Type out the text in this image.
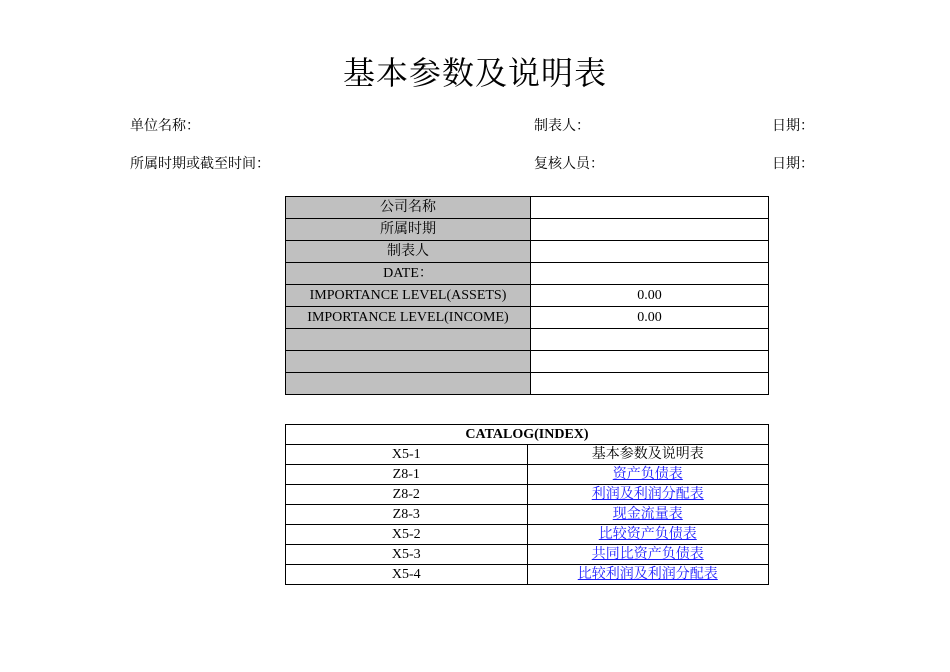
基本参数及说明表
单位名称：	制表人：	日期：
所属时期或截至时间：	复核人员：	日期：
公司名称	
所属时期	
制表人	
DATE：	
IMPORTANCE LEVEL(ASSETS)	0.00
IMPORTANCE LEVEL(INCOME)	0.00

CATALOG(INDEX)	
X5-1	基本参数及说明表
Z8-1	资产负债表
Z8-2	利润及利润分配表
Z8-3	现金流量表
X5-2	比较资产负债表
X5-3	共同比资产负债表
X5-4	比较利润及利润分配表
